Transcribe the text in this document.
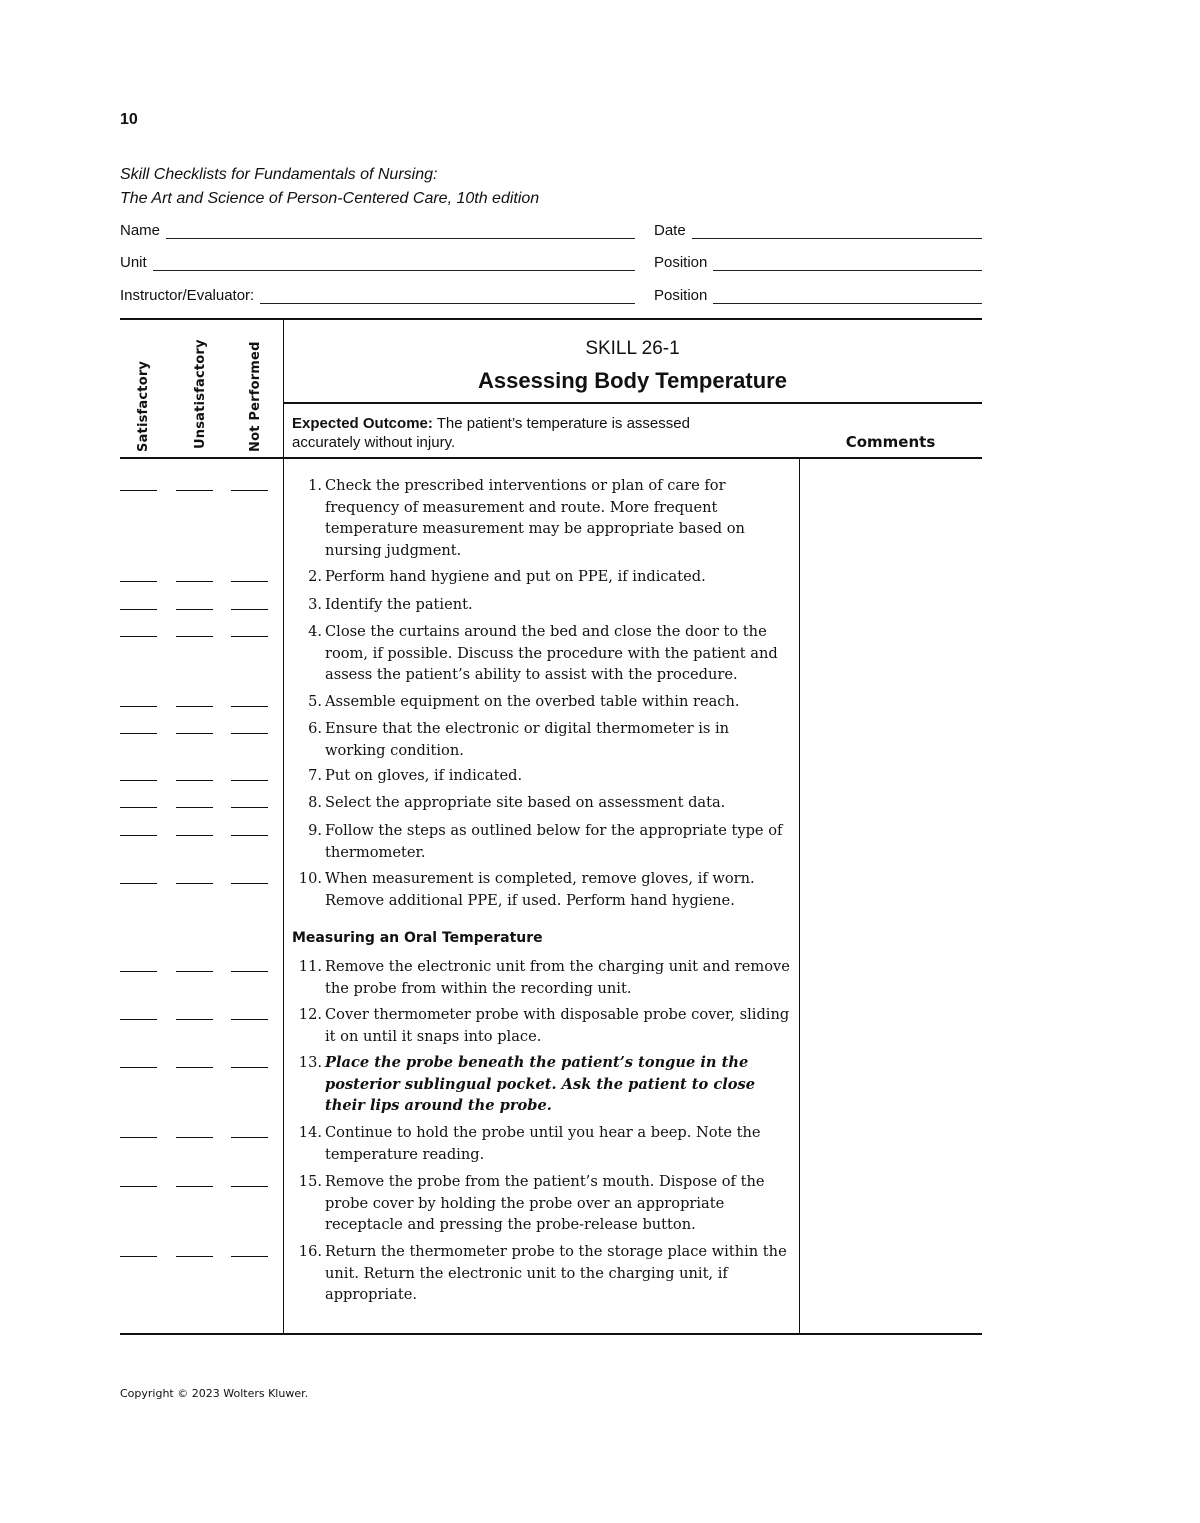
10
Skill Checklists for Fundamentals of Nursing:
The Art and Science of Person-Centered Care, 10th edition
Name	Date
Unit	Position
Instructor/Evaluator:	Position
Satisfactory	Unsatisfactory	Not Performed	SKILL 26-1
Assessing Body Temperature
Expected Outcome: The patient’s temperature is assessed accurately without injury.	Comments
Measuring an Oral Temperature
1. Check the prescribed interventions or plan of care for frequency of measurement and route. More frequent temperature measurement may be appropriate based on nursing judgment.
2. Perform hand hygiene and put on PPE, if indicated.
3. Identify the patient.
4. Close the curtains around the bed and close the door to the room, if possible. Discuss the procedure with the patient and assess the patient’s ability to assist with the procedure.
5. Assemble equipment on the overbed table within reach.
6. Ensure that the electronic or digital thermometer is in working condition.
7. Put on gloves, if indicated.
8. Select the appropriate site based on assessment data.
9. Follow the steps as outlined below for the appropriate type of thermometer.
10. When measurement is completed, remove gloves, if worn. Remove additional PPE, if used. Perform hand hygiene.
11. Remove the electronic unit from the charging unit and remove the probe from within the recording unit.
12. Cover thermometer probe with disposable probe cover, sliding it on until it snaps into place.
13. Place the probe beneath the patient’s tongue in the posterior sublingual pocket. Ask the patient to close their lips around the probe.
14. Continue to hold the probe until you hear a beep. Note the temperature reading.
15. Remove the probe from the patient’s mouth. Dispose of the probe cover by holding the probe over an appropriate receptacle and pressing the probe-release button.
16. Return the thermometer probe to the storage place within the unit. Return the electronic unit to the charging unit, if appropriate.
Copyright © 2023 Wolters Kluwer.
